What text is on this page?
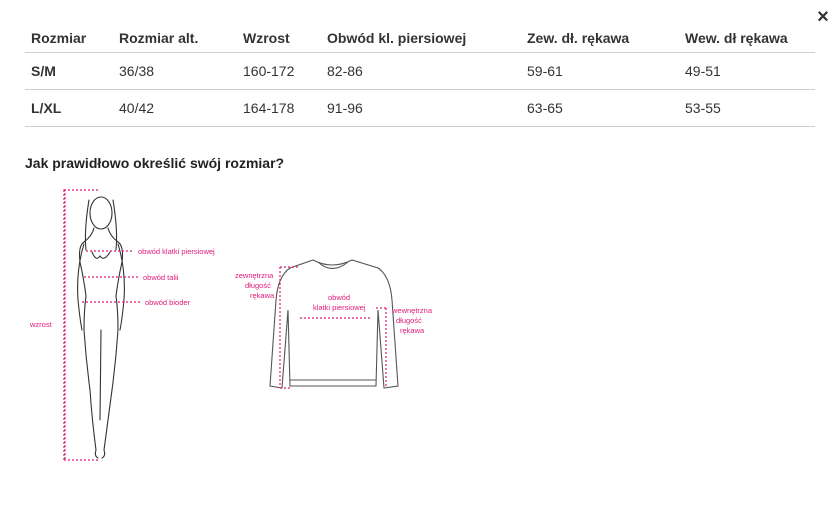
×
Rozmiar	Rozmiar alt.	Wzrost	Obwód kl. piersiowej	Zew. dł. rękawa	Wew. dł rękawa
S/M	36/38	160-172	82-86	59-61	49-51
L/XL	40/42	164-178	91-96	63-65	53-55
Jak prawidłowo określić swój rozmiar?
obwód klatki piersiowej
obwód talii
obwód bioder
wzrost
zewnętrzna
długość
rękawa	obwód
klatki piersiowej	wewnętrzna
długość
rękawa
